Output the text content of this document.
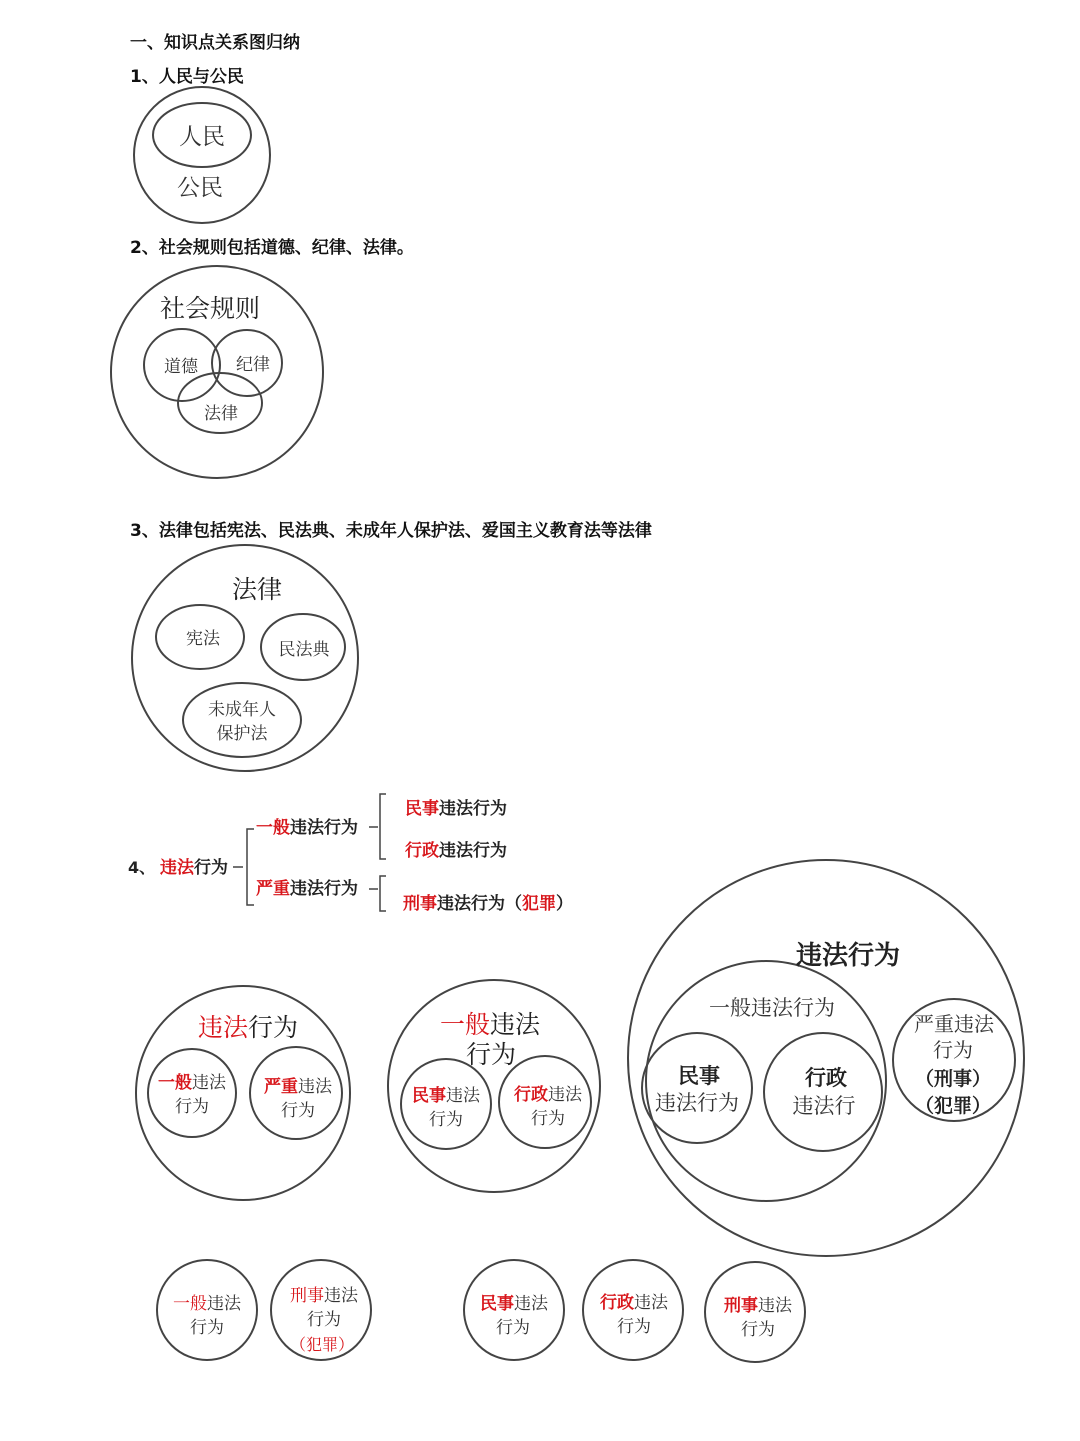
一、知识点关系图归纳
1、人民与公民
2、社会规则包括道德、纪律、法律。
3、法律包括宪法、民法典、未成年人保护法、爱国主义教育法等法律
人民
公民
社会规则
道德 纪律
法律
法律
宪法
民法典
未成年人
保护法
4、 违法行为
一般违法行为
严重违法行为
民事违法行为
行政违法行为
刑事违法行为（犯罪）
违法行为
一般违法
行为
严重违法
行为
一般违法
行为
民事违法
行为
行政违法
行为
违法行为
一般违法行为
民事
违法行为
行政
违法行
严重违法
行为
（刑事）
（犯罪）
一般违法
行为
刑事违法
行为
（犯罪）
民事违法
行为
行政违法
行为
刑事违法
行为
